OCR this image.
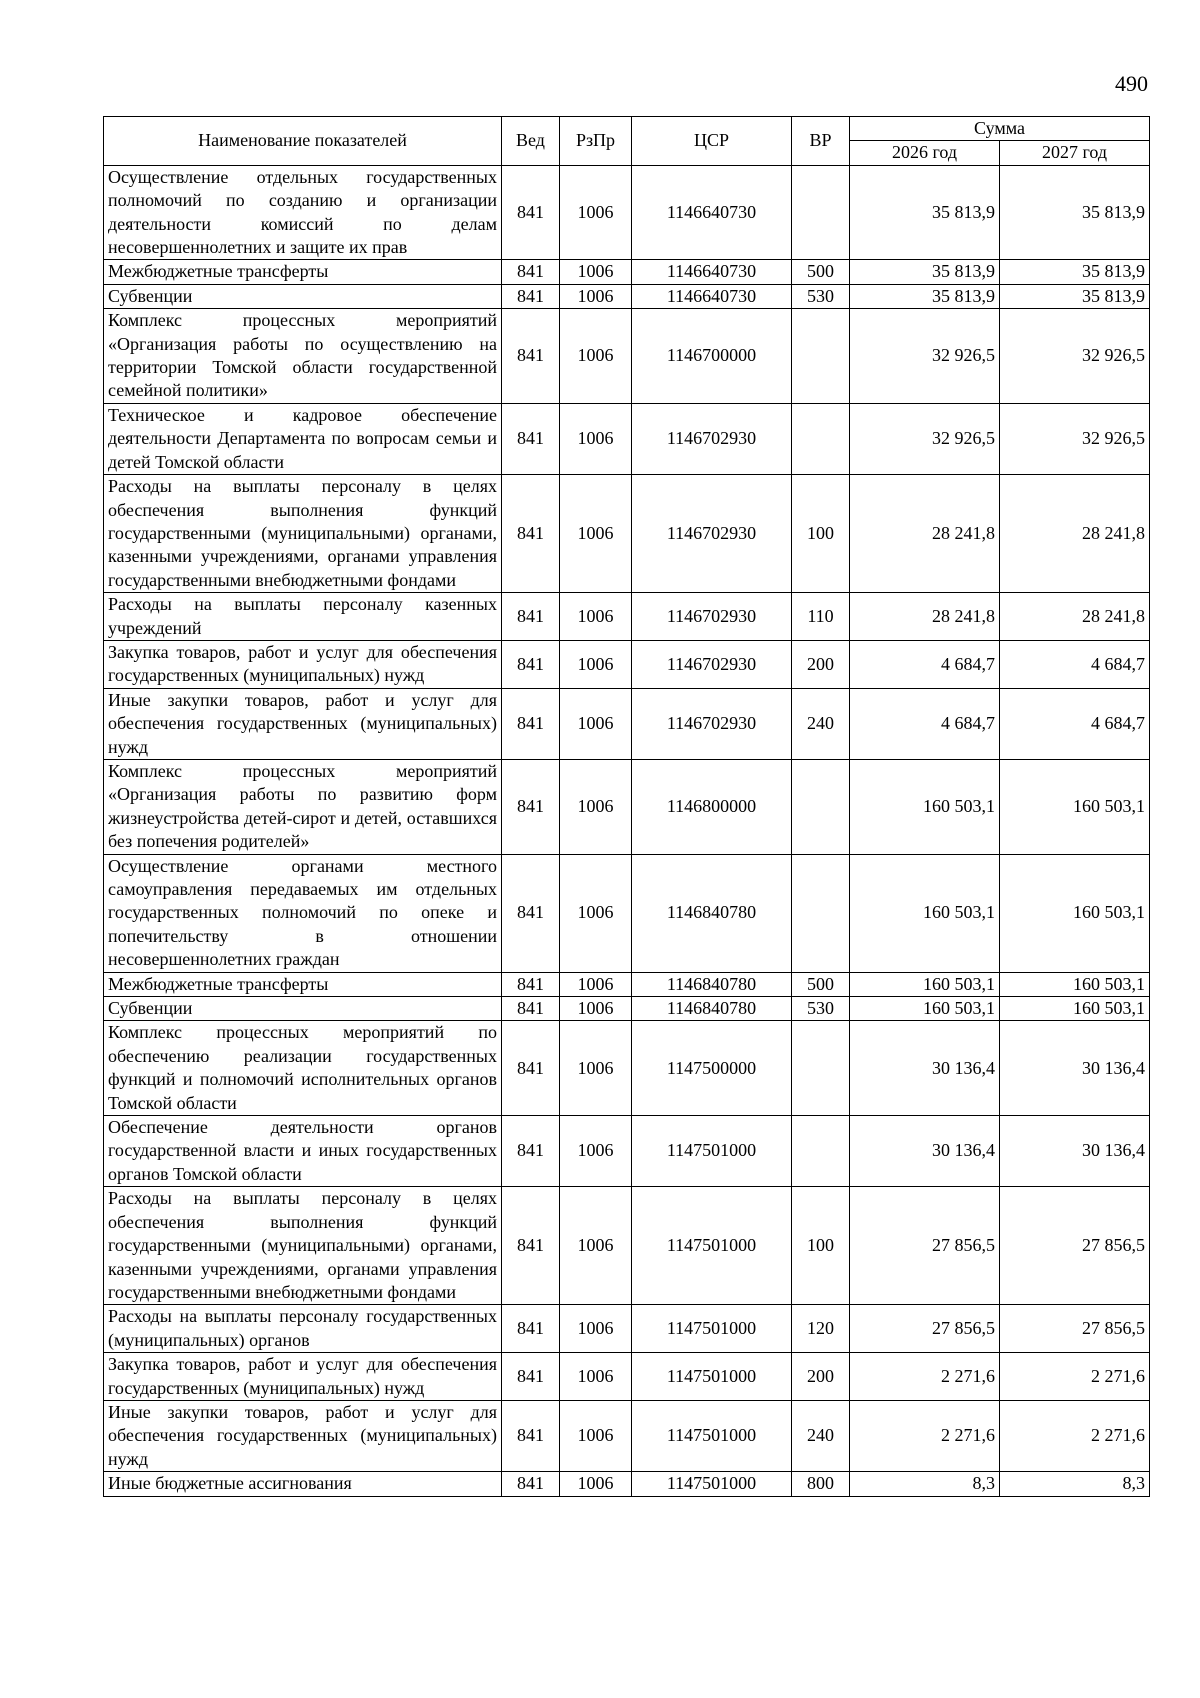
490
Наименование показателей	Вед	РзПр	ЦСР	ВР	Сумма	
					2026 год	2027 год
Осуществление отдельных государственных полномочий по созданию и организации деятельности комиссий по делам несовершеннолетних и защите их прав	841	1006	1146640730		35 813,9	35 813,9
Межбюджетные трансферты	841	1006	1146640730	500	35 813,9	35 813,9
Субвенции	841	1006	1146640730	530	35 813,9	35 813,9
Комплекс процессных мероприятий «Организация работы по осуществлению на территории Томской области государственной семейной политики»	841	1006	1146700000		32 926,5	32 926,5
Техническое и кадровое обеспечение деятельности Департамента по вопросам семьи и детей Томской области	841	1006	1146702930		32 926,5	32 926,5
Расходы на выплаты персоналу в целях обеспечения выполнения функций государственными (муниципальными) органами, казенными учреждениями, органами управления государственными внебюджетными фондами	841	1006	1146702930	100	28 241,8	28 241,8
Расходы на выплаты персоналу казенных учреждений	841	1006	1146702930	110	28 241,8	28 241,8
Закупка товаров, работ и услуг для обеспечения государственных (муниципальных) нужд	841	1006	1146702930	200	4 684,7	4 684,7
Иные закупки товаров, работ и услуг для обеспечения государственных (муниципальных) нужд	841	1006	1146702930	240	4 684,7	4 684,7
Комплекс процессных мероприятий «Организация работы по развитию форм жизнеустройства детей-сирот и детей, оставшихся без попечения родителей»	841	1006	1146800000		160 503,1	160 503,1
Осуществление органами местного самоуправления передаваемых им отдельных государственных полномочий по опеке и попечительству в отношении несовершеннолетних граждан	841	1006	1146840780		160 503,1	160 503,1
Межбюджетные трансферты	841	1006	1146840780	500	160 503,1	160 503,1
Субвенции	841	1006	1146840780	530	160 503,1	160 503,1
Комплекс процессных мероприятий по обеспечению реализации государственных функций и полномочий исполнительных органов Томской области	841	1006	1147500000		30 136,4	30 136,4
Обеспечение деятельности органов государственной власти и иных государственных органов Томской области	841	1006	1147501000		30 136,4	30 136,4
Расходы на выплаты персоналу в целях обеспечения выполнения функций государственными (муниципальными) органами, казенными учреждениями, органами управления государственными внебюджетными фондами	841	1006	1147501000	100	27 856,5	27 856,5
Расходы на выплаты персоналу государственных (муниципальных) органов	841	1006	1147501000	120	27 856,5	27 856,5
Закупка товаров, работ и услуг для обеспечения государственных (муниципальных) нужд	841	1006	1147501000	200	2 271,6	2 271,6
Иные закупки товаров, работ и услуг для обеспечения государственных (муниципальных) нужд	841	1006	1147501000	240	2 271,6	2 271,6
Иные бюджетные ассигнования	841	1006	1147501000	800	8,3	8,3
